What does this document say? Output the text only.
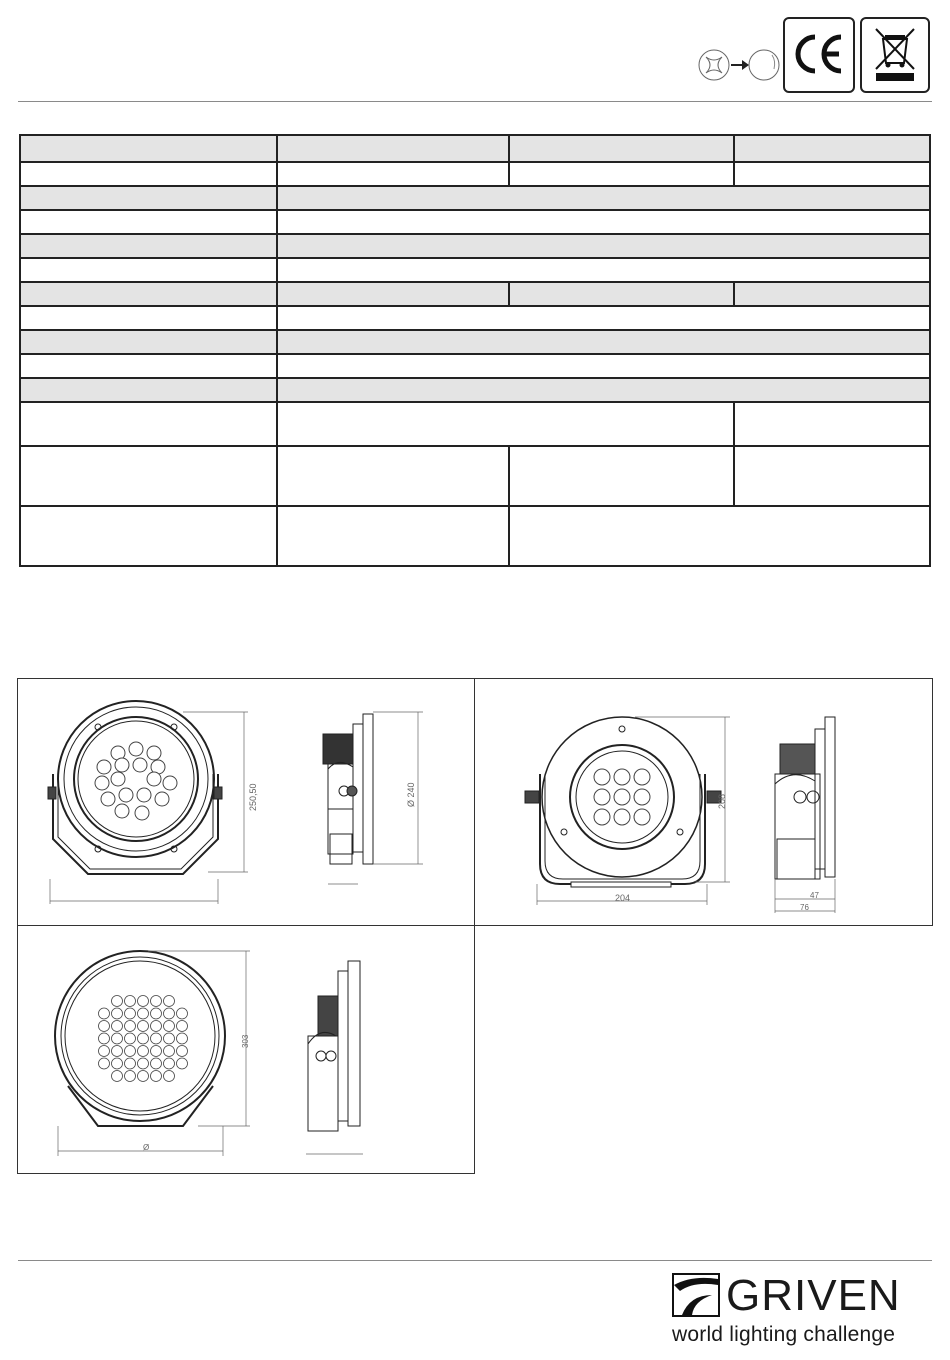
250,50	Ø 240	208
204	47
76
303
Ø
GRIVEN
world lighting challenge
